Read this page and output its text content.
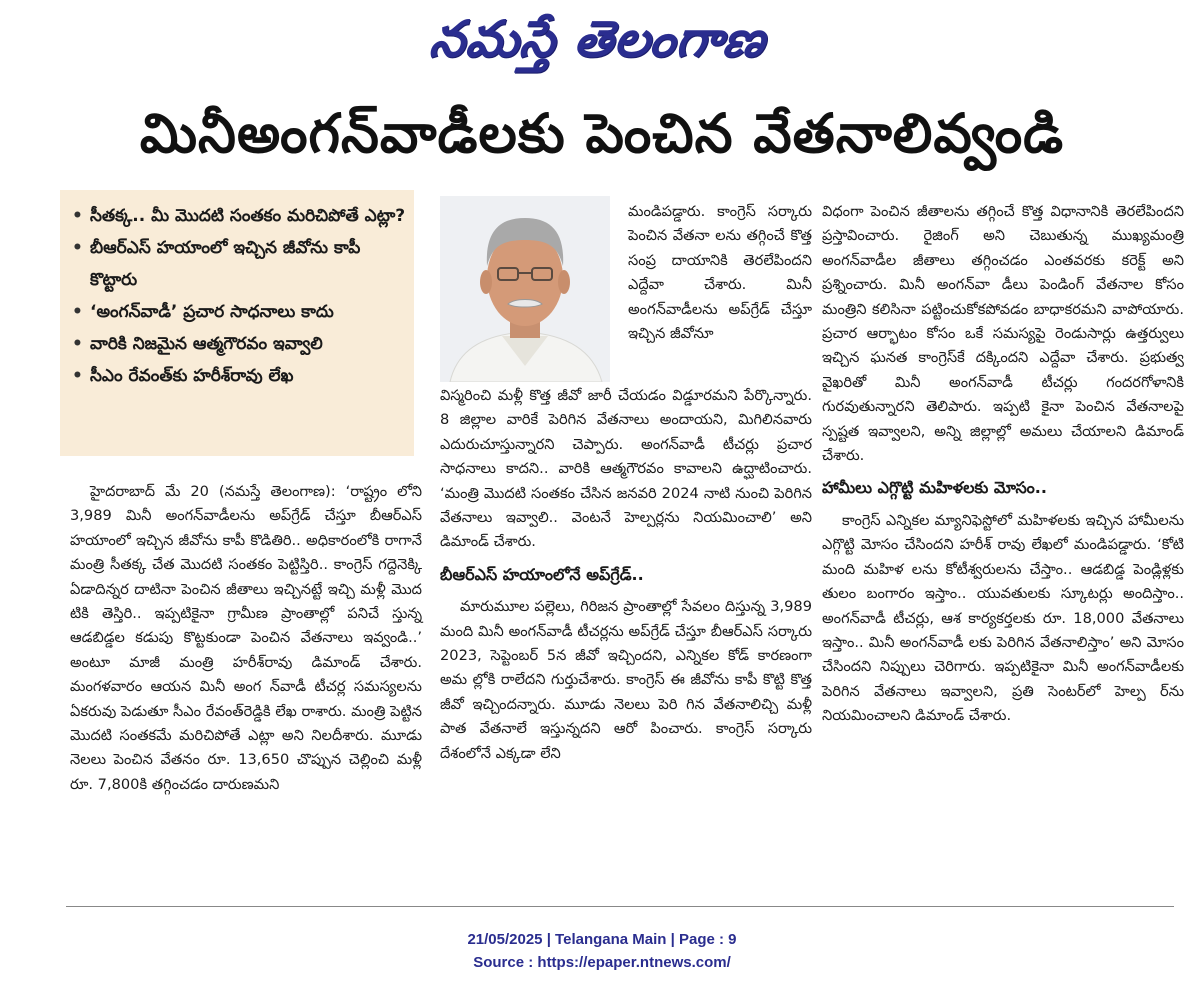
నమస్తే తెలంగాణ
మినీఅంగన్‌వాడీలకు పెంచిన వేతనాలివ్వండి
• సీతక్క.. మీ మొదటి సంతకం మరిచిపోతే ఎట్లా?
• బీఆర్‌ఎస్ హయాంలో ఇచ్చిన జీవోను కాపీ కొట్టారు
• ‘అంగన్‌వాడీ’ ప్రచార సాధనాలు కాదు
• వారికి నిజమైన ఆత్మగౌరవం ఇవ్వాలి
• సీఎం రేవంత్‌కు హరీశ్‌రావు లేఖ

హైదరాబాద్ మే 20 (నమస్తే తెలంగాణ): ‘రాష్ట్రం లోని 3,989 మినీ అంగన్‌వాడీలను అప్‌గ్రేడ్ చేస్తూ బీఆర్‌ఎస్ హయాంలో ఇచ్చిన జీవోను కాపీ కొడితిరి.. అధికారంలోకి రాగానే మంత్రి సీతక్క చేత మొదటి సంతకం పెట్టిస్తిరి.. కాంగ్రెస్ గద్దెనెక్కి ఏడాదిన్నర దాటినా పెంచిన జీతాలు ఇచ్చినట్టే ఇచ్చి మళ్లీ మొద టికి తెస్తిరి.. ఇప్పటికైనా గ్రామీణ ప్రాంతాల్లో పనిచే స్తున్న ఆడబిడ్డల కడుపు కొట్టకుండా పెంచిన వేతనాలు ఇవ్వండి..’ అంటూ మాజీ మంత్రి హరీశ్‌రావు డిమాండ్ చేశారు. మంగళవారం ఆయన మినీ అంగ న్‌వాడీ టీచర్ల సమస్యలను ఏకరువు పెడుతూ సీఎం రేవంత్‌రెడ్డికి లేఖ రాశారు. మంత్రి పెట్టిన మొదటి సంతకమే మరిచిపోతే ఎట్లా అని నిలదీశారు. మూడు నెలలు పెంచిన వేతనం రూ. 13,650 చొప్పున చెల్లించి మళ్లీ రూ. 7,800కి తగ్గించడం దారుణమని

మండిపడ్డారు. కాంగ్రెస్ సర్కారు పెంచిన వేతనా లను తగ్గించే కొత్త సంప్ర దాయానికి తెరలేపిందని ఎద్దేవా చేశారు. మినీ అంగన్‌వాడీలను అప్‌గ్రేడ్ చేస్తూ ఇచ్చిన జీవోనూ

విస్మరించి మళ్లీ కొత్త జీవో జారీ చేయడం విడ్డూరమని పేర్కొన్నారు. 8 జిల్లాల వారికే పెరిగిన వేతనాలు అందాయని, మిగిలినవారు ఎదురుచూస్తున్నారని చెప్పారు. అంగన్‌వాడీ టీచర్లు ప్రచార సాధనాలు కాదని.. వారికి ఆత్మగౌరవం కావాలని ఉద్ఘాటించారు. ‘మంత్రి మొదటి సంతకం చేసిన జనవరి 2024 నాటి నుంచి పెరిగిన వేతనాలు ఇవ్వాలి.. వెంటనే హెల్పర్లను నియమించాలి’ అని డిమాండ్ చేశారు.

బీఆర్‌ఎస్ హయాంలోనే అప్‌గ్రేడ్..

మారుమూల పల్లెలు, గిరిజన ప్రాంతాల్లో సేవలం దిస్తున్న 3,989 మంది మినీ అంగన్‌వాడీ టీచర్లను అప్‌గ్రేడ్ చేస్తూ బీఆర్‌ఎస్ సర్కారు 2023, సెప్టెంబర్ 5న జీవో ఇచ్చిందని, ఎన్నికల కోడ్ కారణంగా అమ ల్లోకి రాలేదని గుర్తుచేశారు. కాంగ్రెస్ ఈ జీవోను కాపీ కొట్టి కొత్త జీవో ఇచ్చిందన్నారు. మూడు నెలలు పెరి గిన వేతనాలిచ్చి మళ్లీ పాత వేతనాలే ఇస్తున్నదని ఆరో పించారు. కాంగ్రెస్ సర్కారు దేశంలోనే ఎక్కడా లేని

విధంగా పెంచిన జీతాలను తగ్గించే కొత్త విధానానికి తెరలేపిందని ప్రస్తావించారు. రైజింగ్ అని చెబుతున్న ముఖ్యమంత్రి అంగన్‌వాడీల జీతాలు తగ్గించడం ఎంతవరకు కరెక్ట్ అని ప్రశ్నించారు. మినీ అంగన్‌వా డీలు పెండింగ్ వేతనాల కోసం మంత్రిని కలిసినా పట్టించుకోకపోవడం బాధాకరమని వాపోయారు. ప్రచార ఆర్భాటం కోసం ఒకే సమస్యపై రెండుసార్లు ఉత్తర్వులు ఇచ్చిన ఘనత కాంగ్రెస్‌కే దక్కిందని ఎద్దేవా చేశారు. ప్రభుత్వ వైఖరితో మినీ అంగన్‌వాడీ టీచర్లు గందరగోళానికి గురవుతున్నారని తెలిపారు. ఇప్పటి కైనా పెంచిన వేతనాలపై స్పష్టత ఇవ్వాలని, అన్ని జిల్లాల్లో అమలు చేయాలని డిమాండ్ చేశారు.

హామీలు ఎగ్గొట్టి మహిళలకు మోసం..

కాంగ్రెస్ ఎన్నికల మ్యానిఫెస్టోలో మహిళలకు ఇచ్చిన హామీలను ఎగ్గొట్టి మోసం చేసిందని హరీశ్ రావు లేఖలో మండిపడ్డారు. ‘కోటి మంది మహిళ లను కోటీశ్వరులను చేస్తాం.. ఆడబిడ్డ పెండ్లిళ్లకు తులం బంగారం ఇస్తాం.. యువతులకు స్కూటర్లు అందిస్తాం.. అంగన్‌వాడీ టీచర్లు, ఆశ కార్యకర్తలకు రూ. 18,000 వేతనాలు ఇస్తాం.. మినీ అంగన్‌వాడీ లకు పెరిగిన వేతనాలిస్తాం’ అని మోసం చేసిందని నిప్పులు చెరిగారు. ఇప్పటికైనా మినీ అంగన్‌వాడీలకు పెరిగిన వేతనాలు ఇవ్వాలని, ప్రతి సెంటర్‌లో హెల్ప ర్‌ను నియమించాలని డిమాండ్ చేశారు.

21/05/2025 | Telangana Main | Page : 9
Source : https://epaper.ntnews.com/
